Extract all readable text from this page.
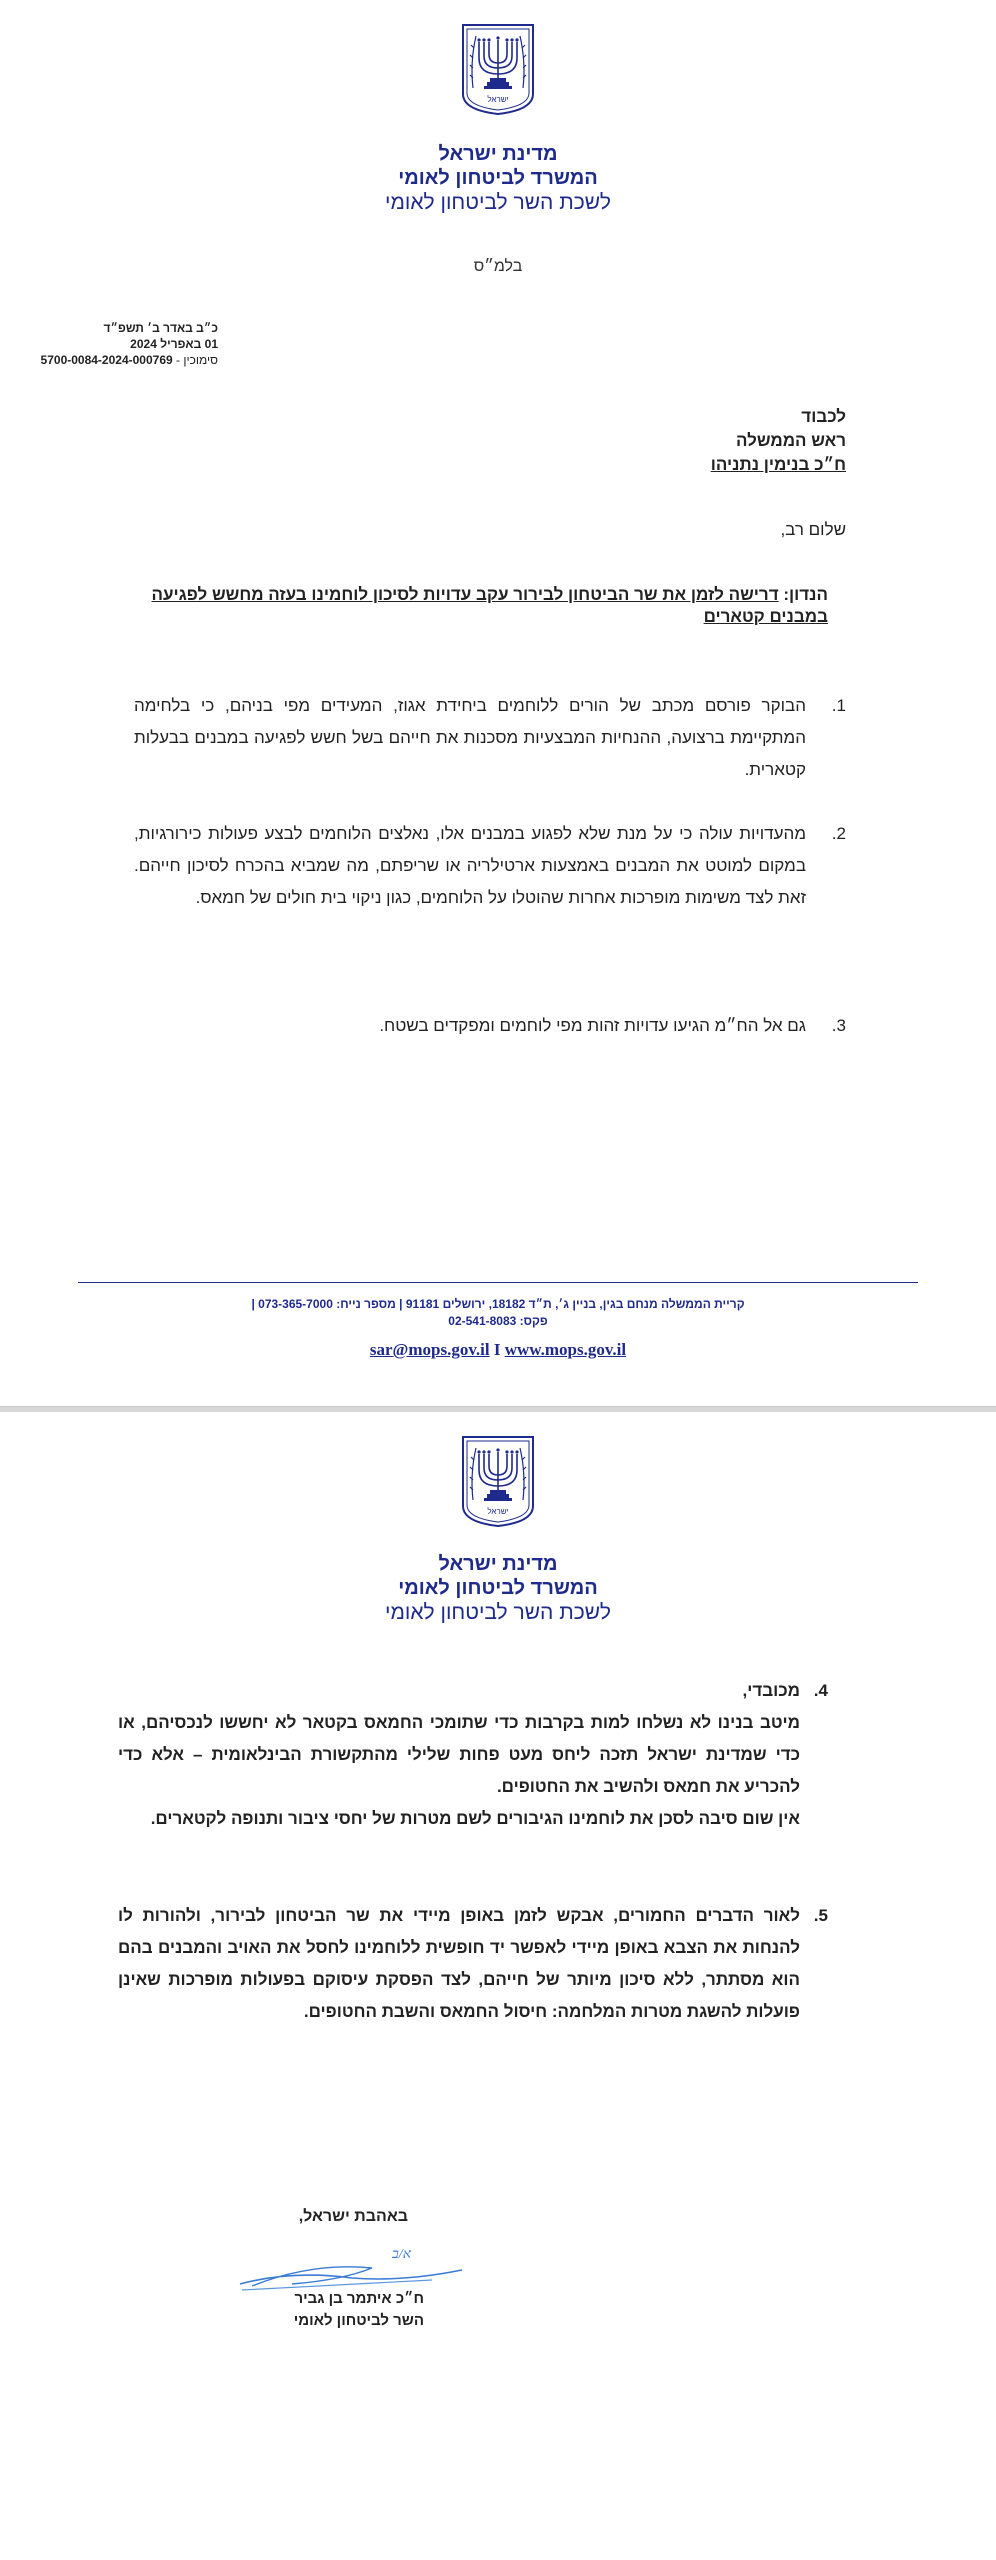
ישראל
מדינת ישראל
המשרד לביטחון לאומי
לשכת השר לביטחון לאומי
בלמ״ס
כ״ב באדר ב׳ תשפ״ד
01 באפריל 2024
סימוכין - 5700-0084-2024-000769
לכבוד
ראש הממשלה
ח״כ בנימין נתניהו
שלום רב,
הנדון: דרישה לזמן את שר הביטחון לבירור עקב עדויות לסיכון לוחמינו בעזה מחשש לפגיעה במבנים קטארים
1.
הבוקר פורסם מכתב של הורים ללוחמים ביחידת אגוז, המעידים מפי בניהם, כי בלחימה המתקיימת ברצועה, ההנחיות המבצעיות מסכנות את חייהם בשל חשש לפגיעה במבנים בבעלות קטארית.
2.
מהעדויות עולה כי על מנת שלא לפגוע במבנים אלו, נאלצים הלוחמים לבצע פעולות כירורגיות, במקום למוטט את המבנים באמצעות ארטילריה או שריפתם, מה שמביא בהכרח לסיכון חייהם. זאת לצד משימות מופרכות אחרות שהוטלו על הלוחמים, כגון ניקוי בית חולים של חמאס.
3.
גם אל הח״מ הגיעו עדויות זהות מפי לוחמים ומפקדים בשטח.
קריית הממשלה מנחם בגין, בניין ג׳, ת״ד 18182, ירושלים 91181 | מספר נייח: 073-365-7000 |
פקס: 02-541-8083
sar@mops.gov.il I www.mops.gov.il
ישראל
מדינת ישראל
המשרד לביטחון לאומי
לשכת השר לביטחון לאומי
4.
מכובדי,
מיטב בנינו לא נשלחו למות בקרבות כדי שתומכי החמאס בקטאר לא יחששו לנכסיהם, או כדי שמדינת ישראל תזכה ליחס מעט פחות שלילי מהתקשורת הבינלאומית – אלא כדי להכריע את חמאס ולהשיב את החטופים.
אין שום סיבה לסכן את לוחמינו הגיבורים לשם מטרות של יחסי ציבור ותנופה לקטארים.
5.
לאור הדברים החמורים, אבקש לזמן באופן מיידי את שר הביטחון לבירור, ולהורות לו להנחות את הצבא באופן מיידי לאפשר יד חופשית ללוחמינו לחסל את האויב והמבנים בהם הוא מסתתר, ללא סיכון מיותר של חייהם, לצד הפסקת עיסוקם בפעולות מופרכות שאינן פועלות להשגת מטרות המלחמה: חיסול החמאס והשבת החטופים.
באהבת ישראל,
א/ב
ח״כ איתמר בן גביר
השר לביטחון לאומי
